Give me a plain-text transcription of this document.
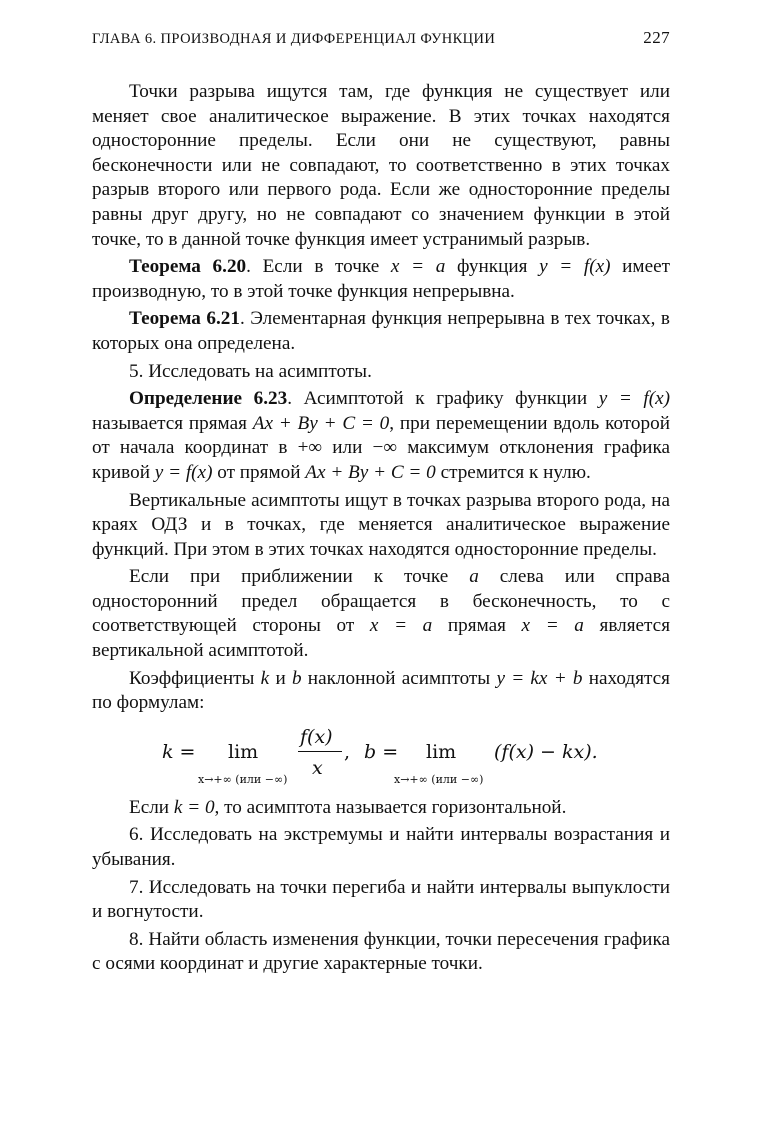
ГЛАВА 6. ПРОИЗВОДНАЯ И ДИФФЕРЕНЦИАЛ ФУНКЦИИ	227

Точки разрыва ищутся там, где функция не существует или меняет свое аналитическое выражение. В этих точках находятся односторонние пределы. Если они не существуют, равны бесконечности или не совпадают, то соответственно в этих точках разрыв второго или первого рода. Если же односторонние пределы равны друг другу, но не совпадают со значением функции в этой точке, то в данной точке функция имеет устранимый разрыв.

Теорема 6.20. Если в точке x = a функция y = f(x) имеет производную, то в этой точке функция непрерывна.

Теорема 6.21. Элементарная функция непрерывна в тех точках, в которых она определена.

5. Исследовать на асимптоты.

Определение 6.23. Асимптотой к графику функции y = f(x) называется прямая Ax + By + C = 0, при перемещении вдоль которой от начала координат в +∞ или −∞ максимум отклонения графика кривой y = f(x) от прямой Ax + By + C = 0 стремится к нулю.

Вертикальные асимптоты ищут в точках разрыва второго рода, на краях ОДЗ и в точках, где меняется аналитическое выражение функций. При этом в этих точках находятся односторонние пределы.

Если при приближении к точке a слева или справа односторонний предел обращается в бесконечность, то с соответствующей стороны от x = a прямая x = a является вертикальной асимптотой.

Коэффициенты k и b наклонной асимптоты y = kx + b находятся по формулам:

k = lim
x→+∞ (или −∞)
f(x)
x
, b = lim
x→+∞ (или −∞)
(f(x) − kx).

Если k = 0, то асимптота называется горизонтальной.

6. Исследовать на экстремумы и найти интервалы возрастания и убывания.

7. Исследовать на точки перегиба и найти интервалы выпуклости и вогнутости.

8. Найти область изменения функции, точки пересечения графика с осями координат и другие характерные точки.
